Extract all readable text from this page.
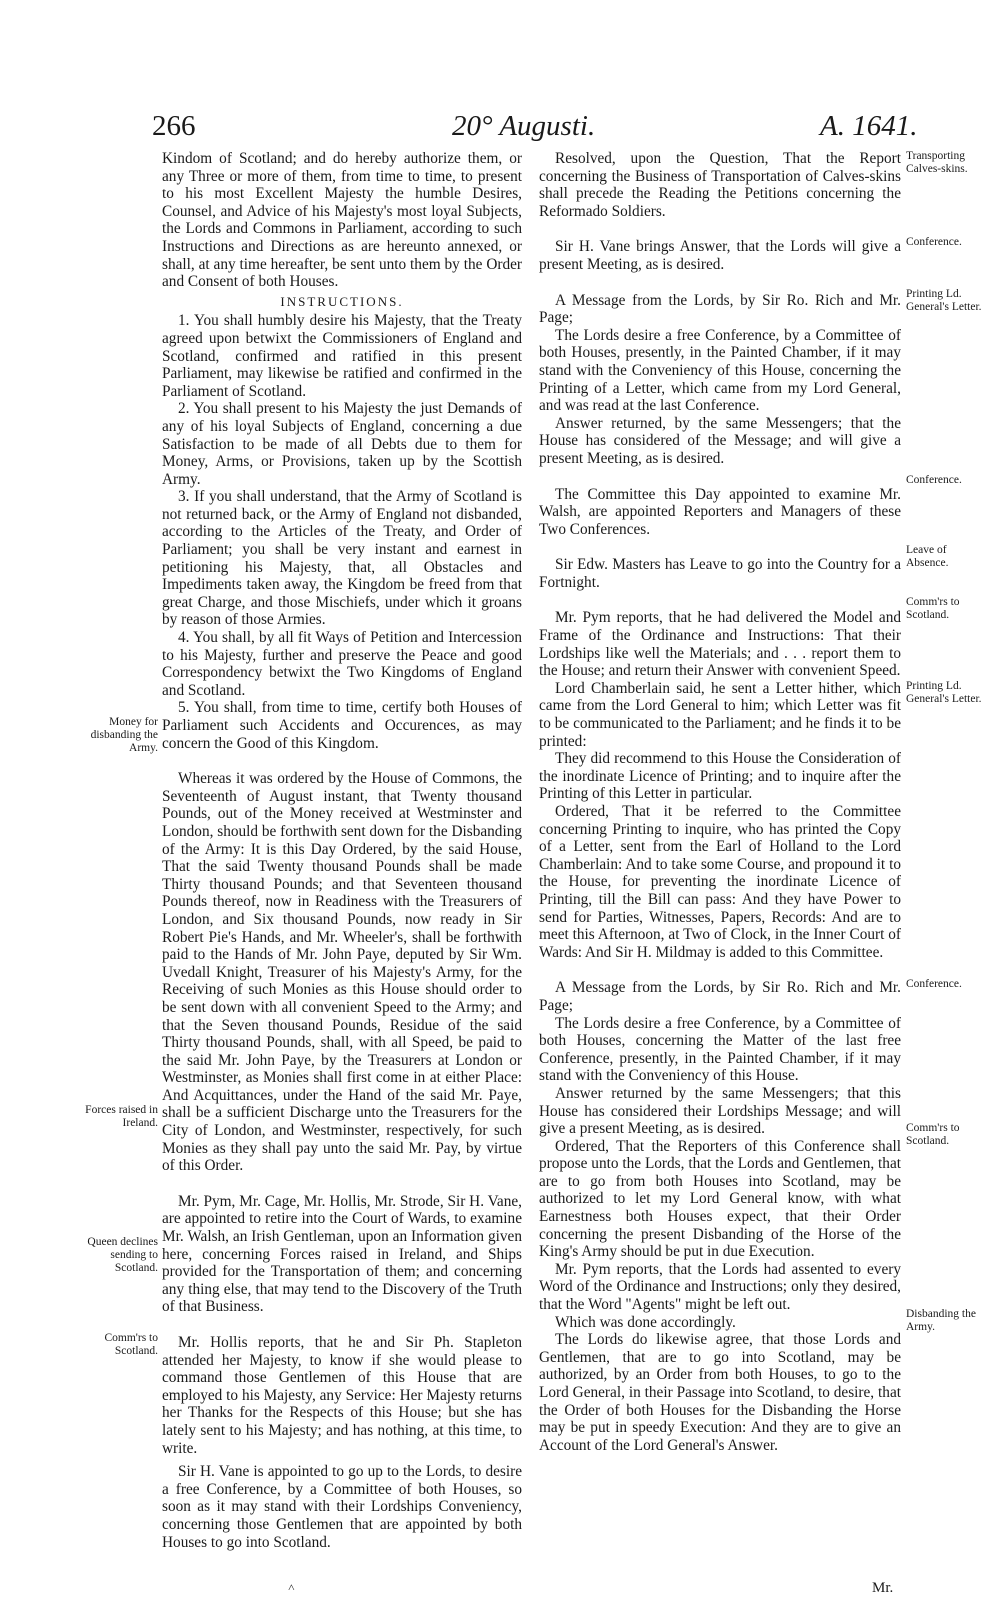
266	20° Augusti.	A. 1641.

Kindom of Scotland; and do hereby authorize them, or any Three or more of them, from time to time, to present to his most Excellent Majesty the humble Desires, Counsel, and Advice of his Majesty's most loyal Subjects, the Lords and Commons in Parliament, according to such Instructions and Directions as are hereunto annexed, or shall, at any time hereafter, be sent unto them by the Order and Consent of both Houses.

INSTRUCTIONS.

1. You shall humbly desire his Majesty, that the Treaty agreed upon betwixt the Commissioners of England and Scotland, confirmed and ratified in this present Parliament, may likewise be ratified and confirmed in the Parliament of Scotland.

2. You shall present to his Majesty the just Demands of any of his loyal Subjects of England, concerning a due Satisfaction to be made of all Debts due to them for Money, Arms, or Provisions, taken up by the Scottish Army.

3. If you shall understand, that the Army of Scotland is not returned back, or the Army of England not disbanded, according to the Articles of the Treaty, and Order of Parliament; you shall be very instant and earnest in petitioning his Majesty, that, all Obstacles and Impediments taken away, the Kingdom be freed from that great Charge, and those Mischiefs, under which it groans by reason of those Armies.

4. You shall, by all fit Ways of Petition and Intercession to his Majesty, further and preserve the Peace and good Correspondency betwixt the Two Kingdoms of England and Scotland.

5. You shall, from time to time, certify both Houses of Parliament such Accidents and Occurences, as may concern the Good of this Kingdom.

Whereas it was ordered by the House of Commons, the Seventeenth of August instant, that Twenty thousand Pounds, out of the Money received at Westminster and London, should be forthwith sent down for the Disbanding of the Army: It is this Day Ordered, by the said House, That the said Twenty thousand Pounds shall be made Thirty thousand Pounds; and that Seventeen thousand Pounds thereof, now in Readiness with the Treasurers of London, and Six thousand Pounds, now ready in Sir Robert Pie's Hands, and Mr. Wheeler's, shall be forthwith paid to the Hands of Mr. John Paye, deputed by Sir Wm. Uvedall Knight, Treasurer of his Majesty's Army, for the Receiving of such Monies as this House should order to be sent down with all convenient Speed to the Army; and that the Seven thousand Pounds, Residue of the said Thirty thousand Pounds, shall, with all Speed, be paid to the said Mr. John Paye, by the Treasurers at London or Westminster, as Monies shall first come in at either Place: And Acquittances, under the Hand of the said Mr. Paye, shall be a sufficient Discharge unto the Treasurers for the City of London, and Westminster, respectively, for such Monies as they shall pay unto the said Mr. Pay, by virtue of this Order.

Mr. Pym, Mr. Cage, Mr. Hollis, Mr. Strode, Sir H. Vane, are appointed to retire into the Court of Wards, to examine Mr. Walsh, an Irish Gentleman, upon an Information given here, concerning Forces raised in Ireland, and Ships provided for the Transportation of them; and concerning any thing else, that may tend to the Discovery of the Truth of that Business.

Mr. Hollis reports, that he and Sir Ph. Stapleton attended her Majesty, to know if she would please to command those Gentlemen of this House that are employed to his Majesty, any Service: Her Majesty returns her Thanks for the Respects of this House; but she has lately sent to his Majesty; and has nothing, at this time, to write.

Sir H. Vane is appointed to go up to the Lords, to desire a free Conference, by a Committee of both Houses, so soon as it may stand with their Lordships Conveniency, concerning those Gentlemen that are appointed by both Houses to go into Scotland.

Resolved, upon the Question, That the Report concerning the Business of Transportation of Calves-skins shall precede the Reading the Petitions concerning the Reformado Soldiers.

Sir H. Vane brings Answer, that the Lords will give a present Meeting, as is desired.

A Message from the Lords, by Sir Ro. Rich and Mr. Page;

The Lords desire a free Conference, by a Committee of both Houses, presently, in the Painted Chamber, if it may stand with the Conveniency of this House, concerning the Printing of a Letter, which came from my Lord General, and was read at the last Conference.

Answer returned, by the same Messengers; that the House has considered of the Message; and will give a present Meeting, as is desired.

The Committee this Day appointed to examine Mr. Walsh, are appointed Reporters and Managers of these Two Conferences.

Sir Edw. Masters has Leave to go into the Country for a Fortnight.

Mr. Pym reports, that he had delivered the Model and Frame of the Ordinance and Instructions: That their Lordships like well the Materials; and . . . report them to the House; and return their Answer with convenient Speed.

Lord Chamberlain said, he sent a Letter hither, which came from the Lord General to him; which Letter was fit to be communicated to the Parliament; and he finds it to be printed:

They did recommend to this House the Consideration of the inordinate Licence of Printing; and to inquire after the Printing of this Letter in particular.

Ordered, That it be referred to the Committee concerning Printing to inquire, who has printed the Copy of a Letter, sent from the Earl of Holland to the Lord Chamberlain: And to take some Course, and propound it to the House, for preventing the inordinate Licence of Printing, till the Bill can pass: And they have Power to send for Parties, Witnesses, Papers, Records: And are to meet this Afternoon, at Two of Clock, in the Inner Court of Wards: And Sir H. Mildmay is added to this Committee.

A Message from the Lords, by Sir Ro. Rich and Mr. Page;

The Lords desire a free Conference, by a Committee of both Houses, concerning the Matter of the last free Conference, presently, in the Painted Chamber, if it may stand with the Conveniency of this House.

Answer returned by the same Messengers; that this House has considered their Lordships Message; and will give a present Meeting, as is desired.

Ordered, That the Reporters of this Conference shall propose unto the Lords, that the Lords and Gentlemen, that are to go from both Houses into Scotland, may be authorized to let my Lord General know, with what Earnestness both Houses expect, that their Order concerning the present Disbanding of the Horse of the King's Army should be put in due Execution.

Mr. Pym reports, that the Lords had assented to every Word of the Ordinance and Instructions; only they desired, that the Word "Agents" might be left out.

Which was done accordingly.

The Lords do likewise agree, that those Lords and Gentlemen, that are to go into Scotland, may be authorized, by an Order from both Houses, to go to the Lord General, in their Passage into Scotland, to desire, that the Order of both Houses for the Disbanding the Horse may be put in speedy Execution: And they are to give an Account of the Lord General's Answer.

Money for disbanding the Army.
Forces raised in Ireland.
Queen declines sending to Scotland.
Comm'rs to Scotland.
Transporting Calves-skins.
Conference.
Printing Ld. General's Letter.
Conference.
Leave of Absence.
Comm'rs to Scotland.
Printing Ld. General's Letter.
Conference.
Comm'rs to Scotland.
Disbanding the Army.
˄	Mr.
